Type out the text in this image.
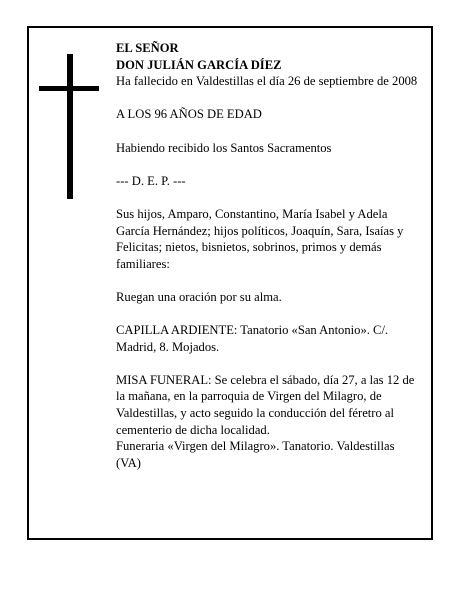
EL SEÑOR

DON JULIÁN GARCÍA DÍEZ

Ha fallecido en Valdestillas el día 26 de septiembre de 2008

A LOS 96 AÑOS DE EDAD

Habiendo recibido los Santos Sacramentos

--- D. E. P. ---

Sus hijos, Amparo, Constantino, María Isabel y Adela García Hernández; hijos políticos, Joaquín, Sara, Isaías y Felicitas; nietos, bisnietos, sobrinos, primos y demás familiares:

Ruegan una oración por su alma.

CAPILLA ARDIENTE: Tanatorio «San Antonio». C/. Madrid, 8. Mojados.

MISA FUNERAL: Se celebra el sábado, día 27, a las 12 de la mañana, en la parroquia de Virgen del Milagro, de Valdestillas, y acto seguido la conducción del féretro al cementerio de dicha localidad.

Funeraria «Virgen del Milagro». Tanatorio. Valdestillas (VA)
